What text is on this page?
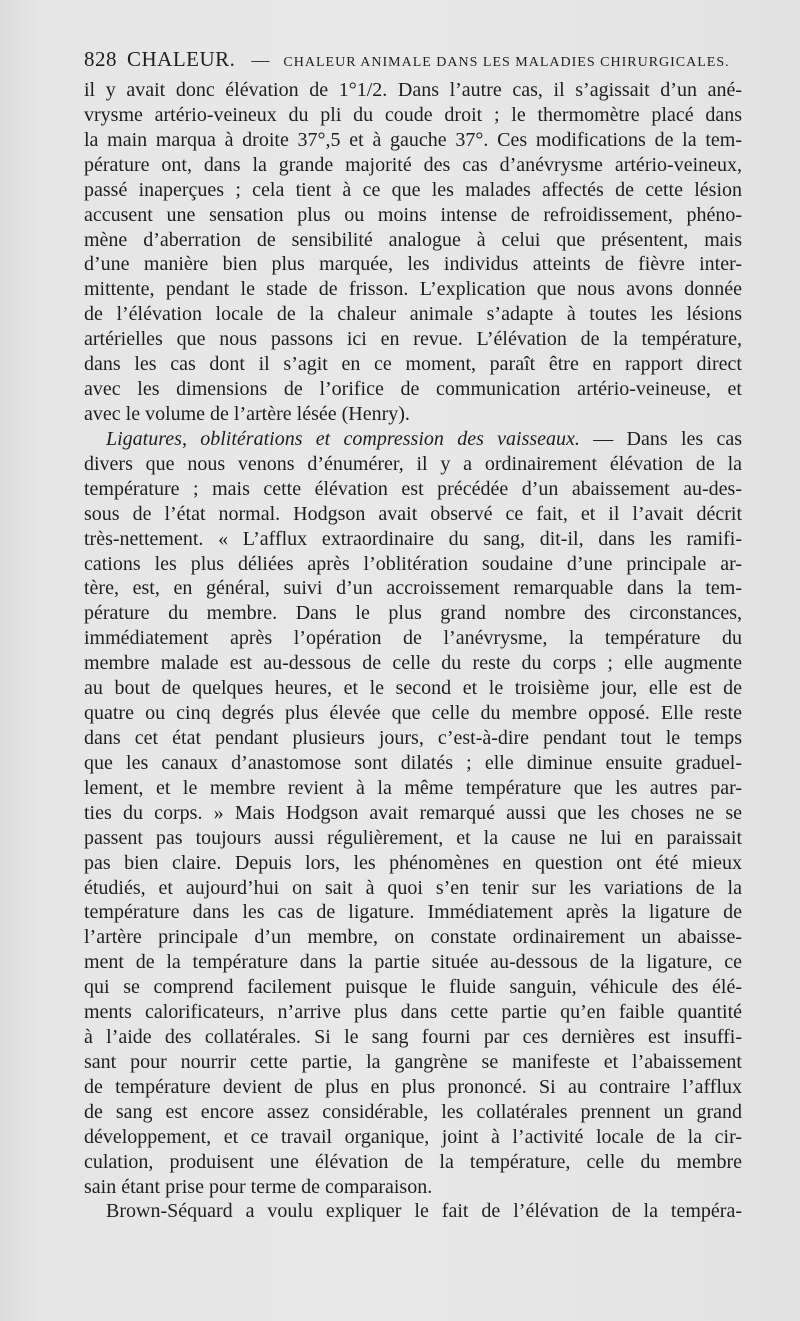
828 CHALEUR. — CHALEUR ANIMALE DANS LES MALADIES CHIRURGICALES.
il y avait donc élévation de 1°1/2. Dans l’autre cas, il s’agissait d’un ané-
vrysme artério-veineux du pli du coude droit ; le thermomètre placé dans
la main marqua à droite 37°,5 et à gauche 37°. Ces modifications de la tem-
pérature ont, dans la grande majorité des cas d’anévrysme artério-veineux,
passé inaperçues ; cela tient à ce que les malades affectés de cette lésion
accusent une sensation plus ou moins intense de refroidissement, phéno-
mène d’aberration de sensibilité analogue à celui que présentent, mais
d’une manière bien plus marquée, les individus atteints de fièvre inter-
mittente, pendant le stade de frisson. L’explication que nous avons donnée
de l’élévation locale de la chaleur animale s’adapte à toutes les lésions
artérielles que nous passons ici en revue. L’élévation de la température,
dans les cas dont il s’agit en ce moment, paraît être en rapport direct
avec les dimensions de l’orifice de communication artério-veineuse, et
avec le volume de l’artère lésée (Henry).
Ligatures, oblitérations et compression des vaisseaux. — Dans les cas
divers que nous venons d’énumérer, il y a ordinairement élévation de la
température ; mais cette élévation est précédée d’un abaissement au-des-
sous de l’état normal. Hodgson avait observé ce fait, et il l’avait décrit
très-nettement. « L’afflux extraordinaire du sang, dit-il, dans les ramifi-
cations les plus déliées après l’oblitération soudaine d’une principale ar-
tère, est, en général, suivi d’un accroissement remarquable dans la tem-
pérature du membre. Dans le plus grand nombre des circonstances,
immédiatement après l’opération de l’anévrysme, la température du
membre malade est au-dessous de celle du reste du corps ; elle augmente
au bout de quelques heures, et le second et le troisième jour, elle est de
quatre ou cinq degrés plus élevée que celle du membre opposé. Elle reste
dans cet état pendant plusieurs jours, c’est-à-dire pendant tout le temps
que les canaux d’anastomose sont dilatés ; elle diminue ensuite graduel-
lement, et le membre revient à la même température que les autres par-
ties du corps. » Mais Hodgson avait remarqué aussi que les choses ne se
passent pas toujours aussi régulièrement, et la cause ne lui en paraissait
pas bien claire. Depuis lors, les phénomènes en question ont été mieux
étudiés, et aujourd’hui on sait à quoi s’en tenir sur les variations de la
température dans les cas de ligature. Immédiatement après la ligature de
l’artère principale d’un membre, on constate ordinairement un abaisse-
ment de la température dans la partie située au-dessous de la ligature, ce
qui se comprend facilement puisque le fluide sanguin, véhicule des élé-
ments calorificateurs, n’arrive plus dans cette partie qu’en faible quantité
à l’aide des collatérales. Si le sang fourni par ces dernières est insuffi-
sant pour nourrir cette partie, la gangrène se manifeste et l’abaissement
de température devient de plus en plus prononcé. Si au contraire l’afflux
de sang est encore assez considérable, les collatérales prennent un grand
développement, et ce travail organique, joint à l’activité locale de la cir-
culation, produisent une élévation de la température, celle du membre
sain étant prise pour terme de comparaison.
Brown-Séquard a voulu expliquer le fait de l’élévation de la tempéra-
